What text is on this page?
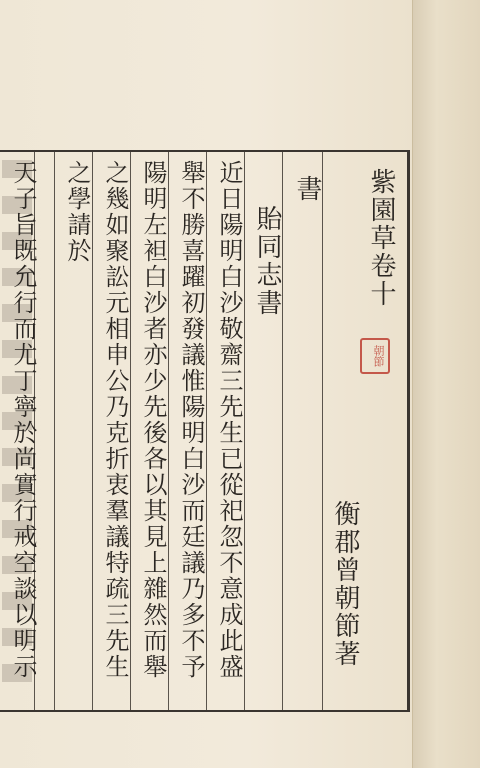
紫園草卷十
朝節
衡郡曾朝節著
書
貽同志書
近日陽明白沙敬齋三先生已從祀忽不意成此盛
舉不勝喜躍初發議惟陽明白沙而廷議乃多不予
陽明左袒白沙者亦少先後各以其見上雜然而舉
之幾如聚訟元相申公乃克折衷羣議特疏三先生
之學請於
天子旨既允行而尤丁寧於尚實行戒空談以明示
